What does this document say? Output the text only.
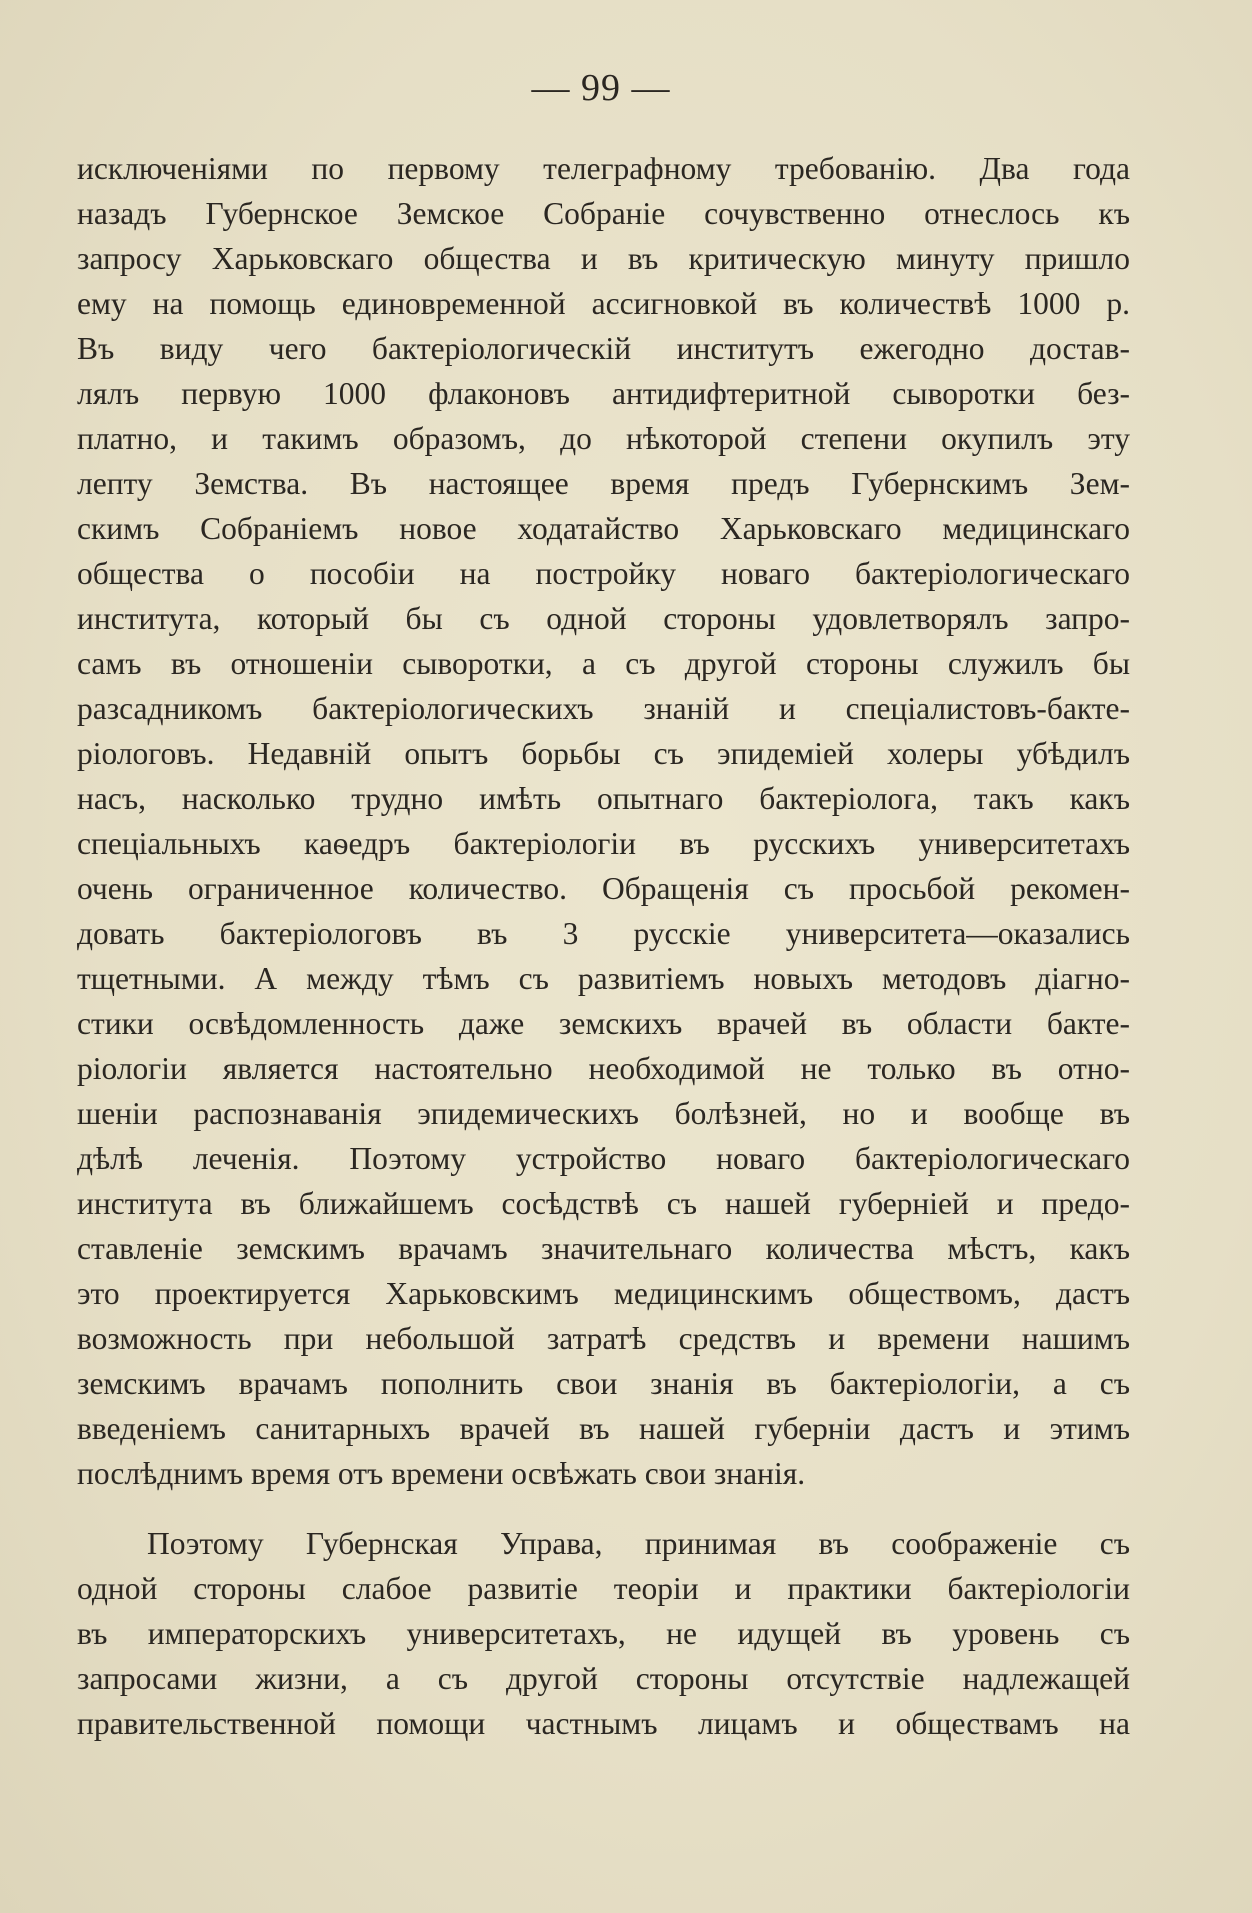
— 99 —
исключеніями по первому телеграфному требованію. Два года
назадъ Губернское Земское Собраніе сочувственно отнеслось къ
запросу Харьковскаго общества и въ критическую минуту пришло
ему на помощь единовременной ассигновкой въ количествѣ 1000 р.
Въ виду чего бактеріологическій институтъ ежегодно достав-
лялъ первую 1000 флаконовъ антидифтеритной сыворотки без-
платно, и такимъ образомъ, до нѣкоторой степени окупилъ эту
лепту Земства. Въ настоящее время предъ Губернскимъ Зем-
скимъ Собраніемъ новое ходатайство Харьковскаго медицинскаго
общества о пособіи на постройку новаго бактеріологическаго
института, который бы съ одной стороны удовлетворялъ запро-
самъ въ отношеніи сыворотки, а съ другой стороны служилъ бы
разсадникомъ бактеріологическихъ знаній и спеціалистовъ-бакте-
ріологовъ. Недавній опытъ борьбы съ эпидеміей холеры убѣдилъ
насъ, насколько трудно имѣть опытнаго бактеріолога, такъ какъ
спеціальныхъ каѳедръ бактеріологіи въ русскихъ университетахъ
очень ограниченное количество. Обращенія съ просьбой рекомен-
довать бактеріологовъ въ 3 русскіе университета—оказались
тщетными. А между тѣмъ съ развитіемъ новыхъ методовъ діагно-
стики освѣдомленность даже земскихъ врачей въ области бакте-
ріологіи является настоятельно необходимой не только въ отно-
шеніи распознаванія эпидемическихъ болѣзней, но и вообще въ
дѣлѣ леченія. Поэтому устройство новаго бактеріологическаго
института въ ближайшемъ сосѣдствѣ съ нашей губерніей и предо-
ставленіе земскимъ врачамъ значительнаго количества мѣстъ, какъ
это проектируется Харьковскимъ медицинскимъ обществомъ, дастъ
возможность при небольшой затратѣ средствъ и времени нашимъ
земскимъ врачамъ пополнить свои знанія въ бактеріологіи, а съ
введеніемъ санитарныхъ врачей въ нашей губерніи дастъ и этимъ
послѣднимъ время отъ времени освѣжать свои знанія.
Поэтому Губернская Управа, принимая въ соображеніе съ
одной стороны слабое развитіе теоріи и практики бактеріологіи
въ императорскихъ университетахъ, не идущей въ уровень съ
запросами жизни, а съ другой стороны отсутствіе надлежащей
правительственной помощи частнымъ лицамъ и обществамъ на
